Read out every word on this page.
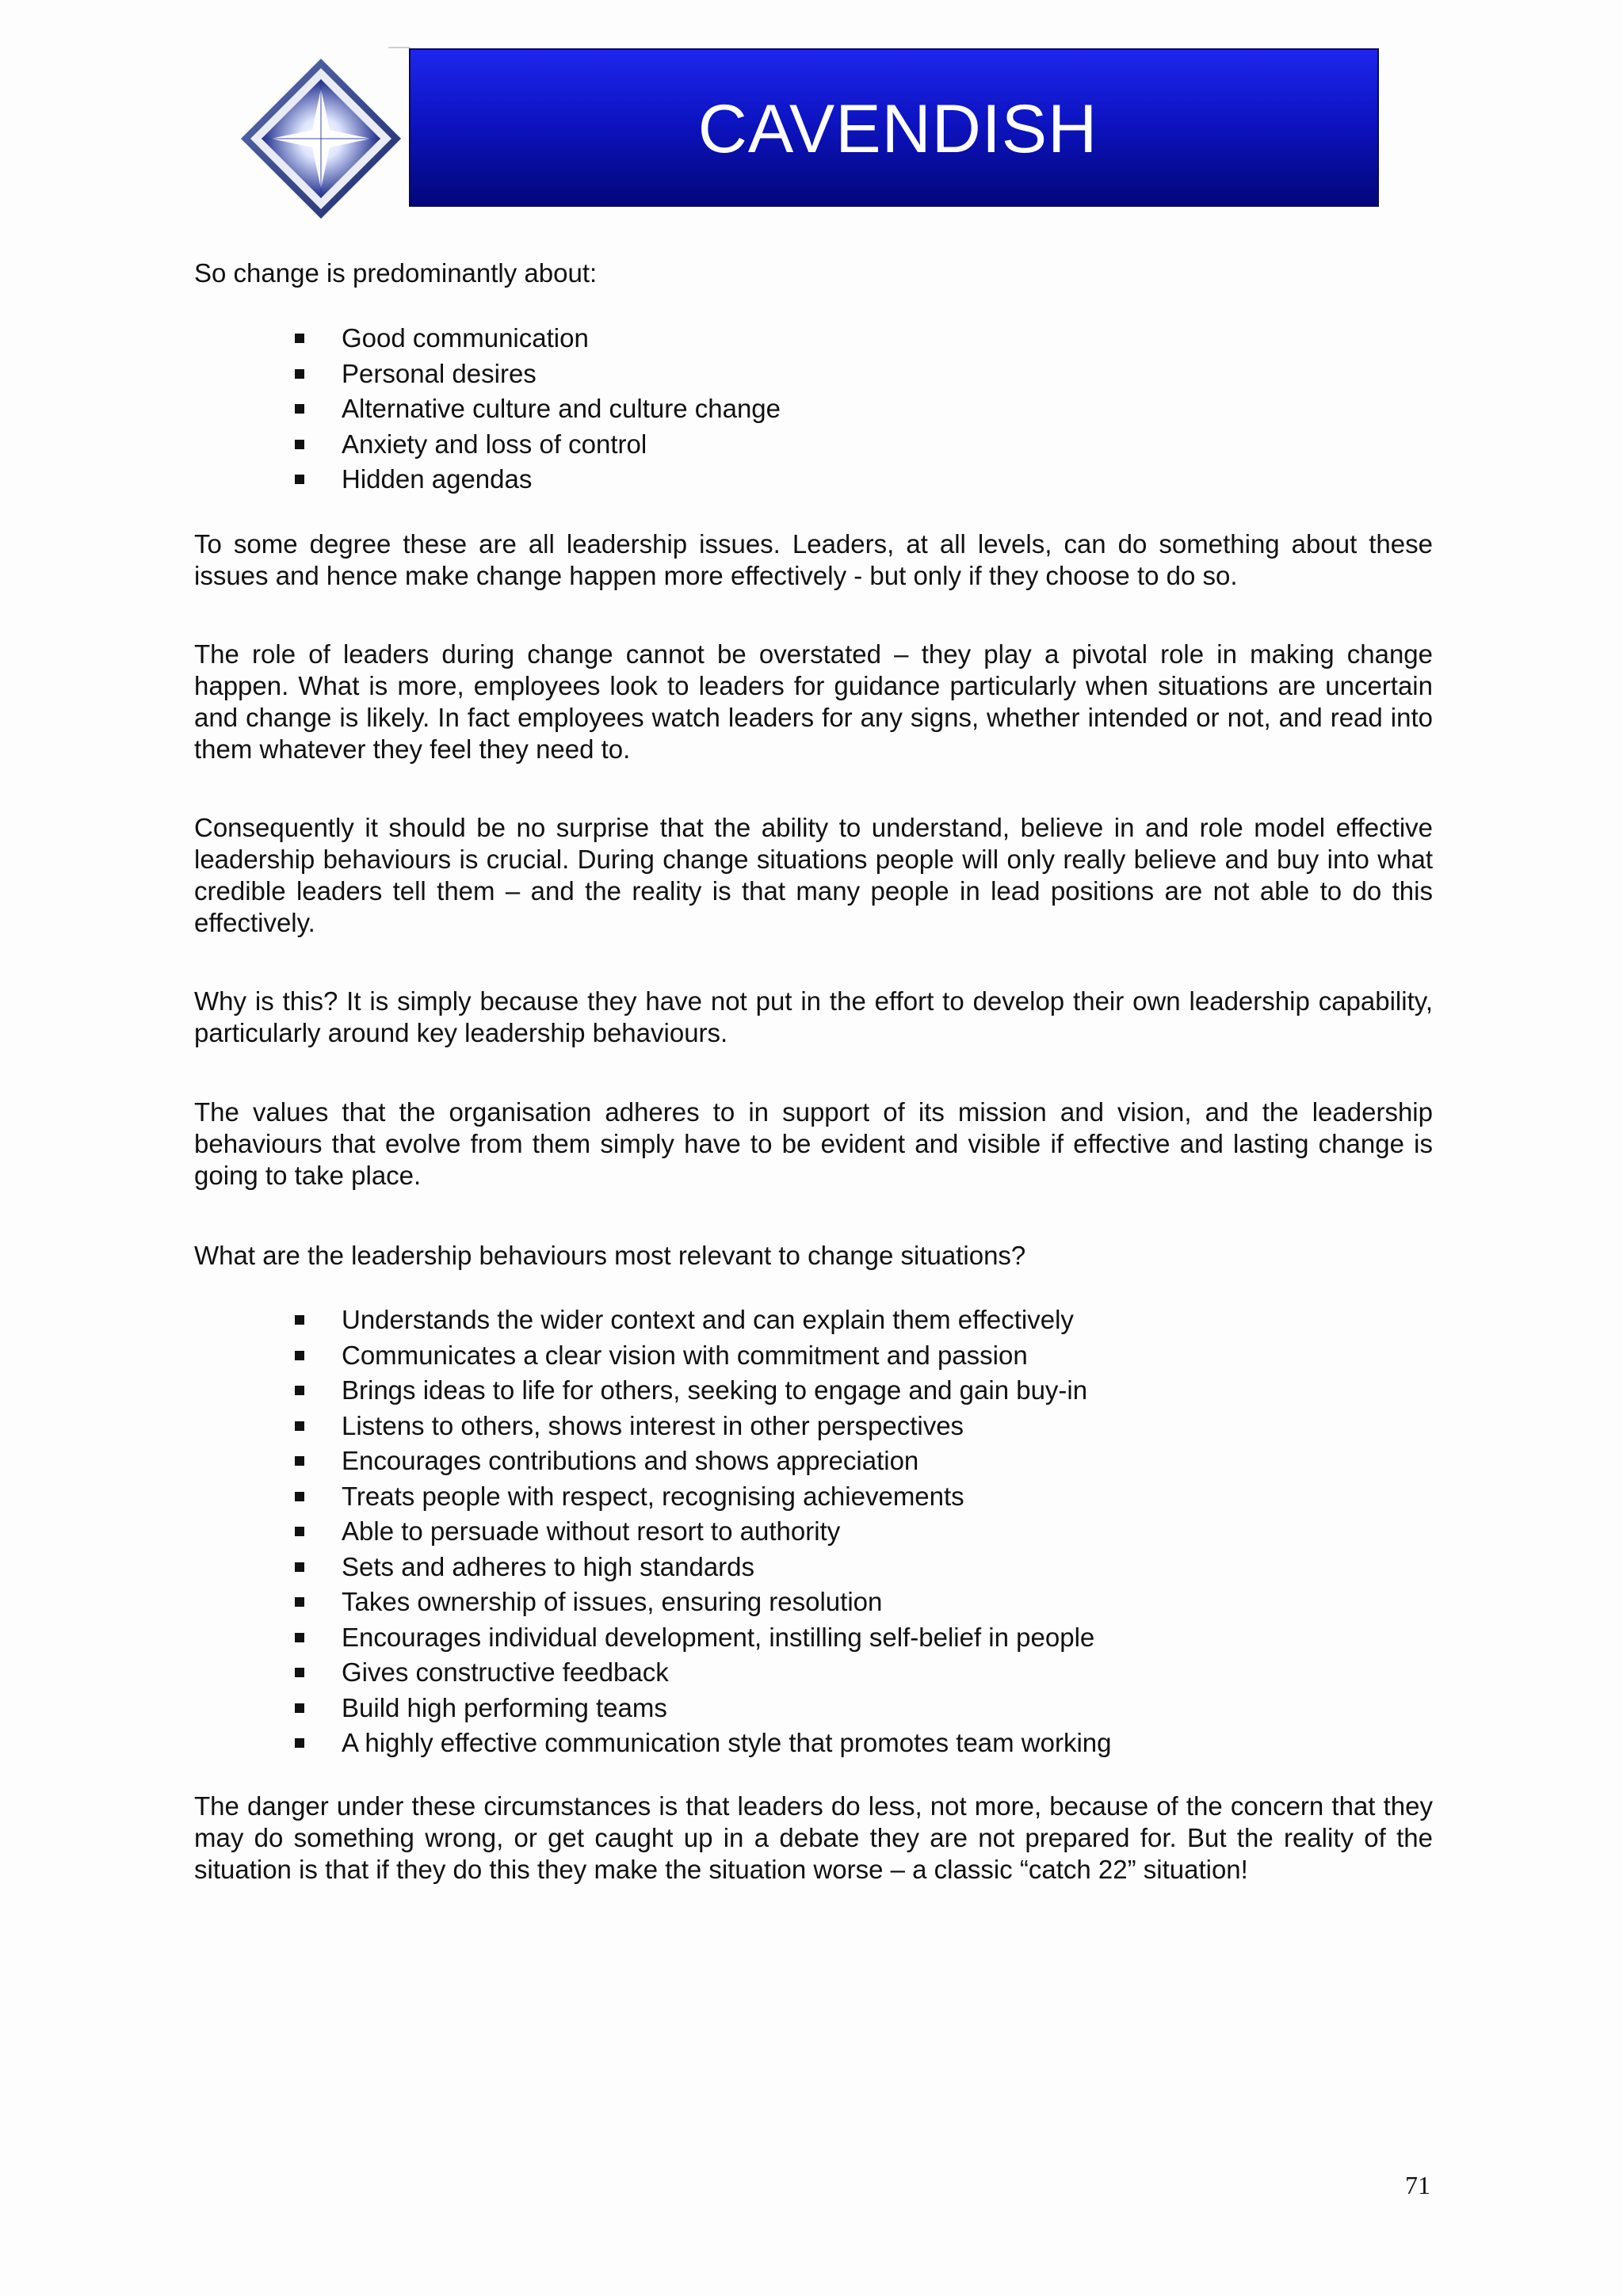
CAVENDISH

So change is predominantly about:

Good communication
Personal desires
Alternative culture and culture change
Anxiety and loss of control
Hidden agendas

To some degree these are all leadership issues. Leaders, at all levels, can do something about these issues and hence make change happen more effectively - but only if they choose to do so.

The role of leaders during change cannot be overstated – they play a pivotal role in making change happen. What is more, employees look to leaders for guidance particularly when situations are uncertain and change is likely. In fact employees watch leaders for any signs, whether intended or not, and read into them whatever they feel they need to.

Consequently it should be no surprise that the ability to understand, believe in and role model effective leadership behaviours is crucial. During change situations people will only really believe and buy into what credible leaders tell them – and the reality is that many people in lead positions are not able to do this effectively.

Why is this? It is simply because they have not put in the effort to develop their own leadership capability, particularly around key leadership behaviours.

The values that the organisation adheres to in support of its mission and vision, and the leadership behaviours that evolve from them simply have to be evident and visible if effective and lasting change is going to take place.

What are the leadership behaviours most relevant to change situations?

Understands the wider context and can explain them effectively
Communicates a clear vision with commitment and passion
Brings ideas to life for others, seeking to engage and gain buy-in
Listens to others, shows interest in other perspectives
Encourages contributions and shows appreciation
Treats people with respect, recognising achievements
Able to persuade without resort to authority
Sets and adheres to high standards
Takes ownership of issues, ensuring resolution
Encourages individual development, instilling self-belief in people
Gives constructive feedback
Build high performing teams
A highly effective communication style that promotes team working

The danger under these circumstances is that leaders do less, not more, because of the concern that they may do something wrong, or get caught up in a debate they are not prepared for. But the reality of the situation is that if they do this they make the situation worse – a classic “catch 22” situation!

71
